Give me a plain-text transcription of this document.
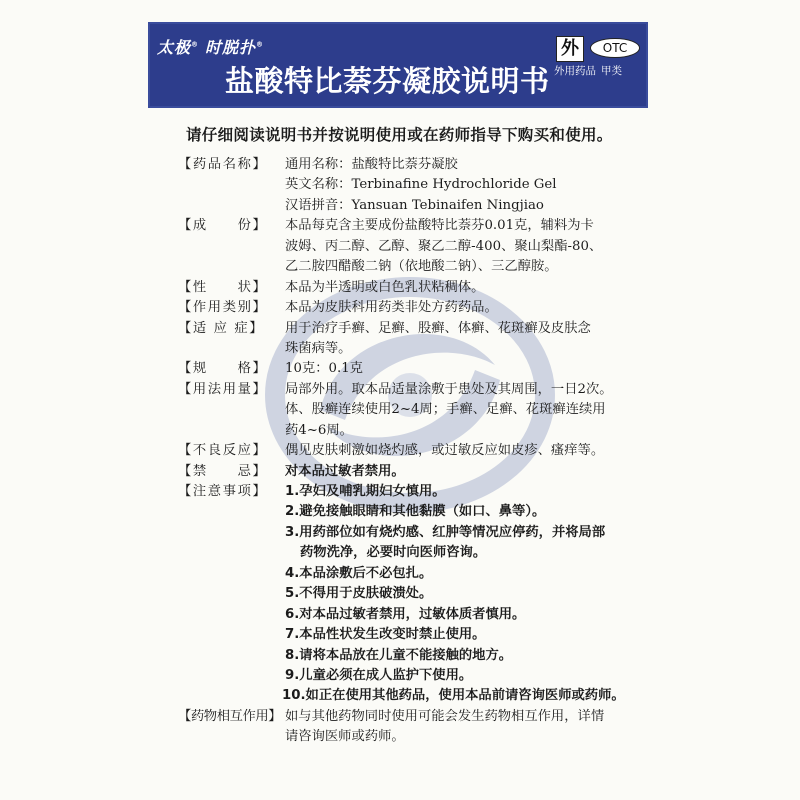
太极® 时脱扑®
盐酸特比萘芬凝胶说明书
外	OTC
外用药品 甲类
请仔细阅读说明书并按说明使用或在药师指导下购买和使用。
【药品名称】 通用名称：盐酸特比萘芬凝胶
英文名称：Terbinafine Hydrochloride Gel
汉语拼音：Yansuan Tebinaifen Ningjiao
【成　　份】 本品每克含主要成份盐酸特比萘芬0.01克，辅料为卡
波姆、丙二醇、乙醇、聚乙二醇-400、聚山梨酯-80、
乙二胺四醋酸二钠（依地酸二钠）、三乙醇胺。
【性　　状】 本品为半透明或白色乳状粘稠体。
【作用类别】 本品为皮肤科用药类非处方药药品。
【适 应 症】 用于治疗手癣、足癣、股癣、体癣、花斑癣及皮肤念
珠菌病等。
【规　　格】 10克：0.1克
【用法用量】 局部外用。取本品适量涂敷于患处及其周围，一日2次。
体、股癣连续使用2~4周；手癣、足癣、花斑癣连续用
药4~6周。
【不良反应】 偶见皮肤刺激如烧灼感，或过敏反应如皮疹、瘙痒等。
【禁　　忌】 对本品过敏者禁用。
【注意事项】 1.孕妇及哺乳期妇女慎用。
2.避免接触眼睛和其他黏膜（如口、鼻等）。
3.用药部位如有烧灼感、红肿等情况应停药，并将局部
药物洗净，必要时向医师咨询。
4.本品涂敷后不必包扎。
5.不得用于皮肤破溃处。
6.对本品过敏者禁用，过敏体质者慎用。
7.本品性状发生改变时禁止使用。
8.请将本品放在儿童不能接触的地方。
9.儿童必须在成人监护下使用。
10.如正在使用其他药品，使用本品前请咨询医师或药师。
【药物相互作用】 如与其他药物同时使用可能会发生药物相互作用，详情
请咨询医师或药师。
